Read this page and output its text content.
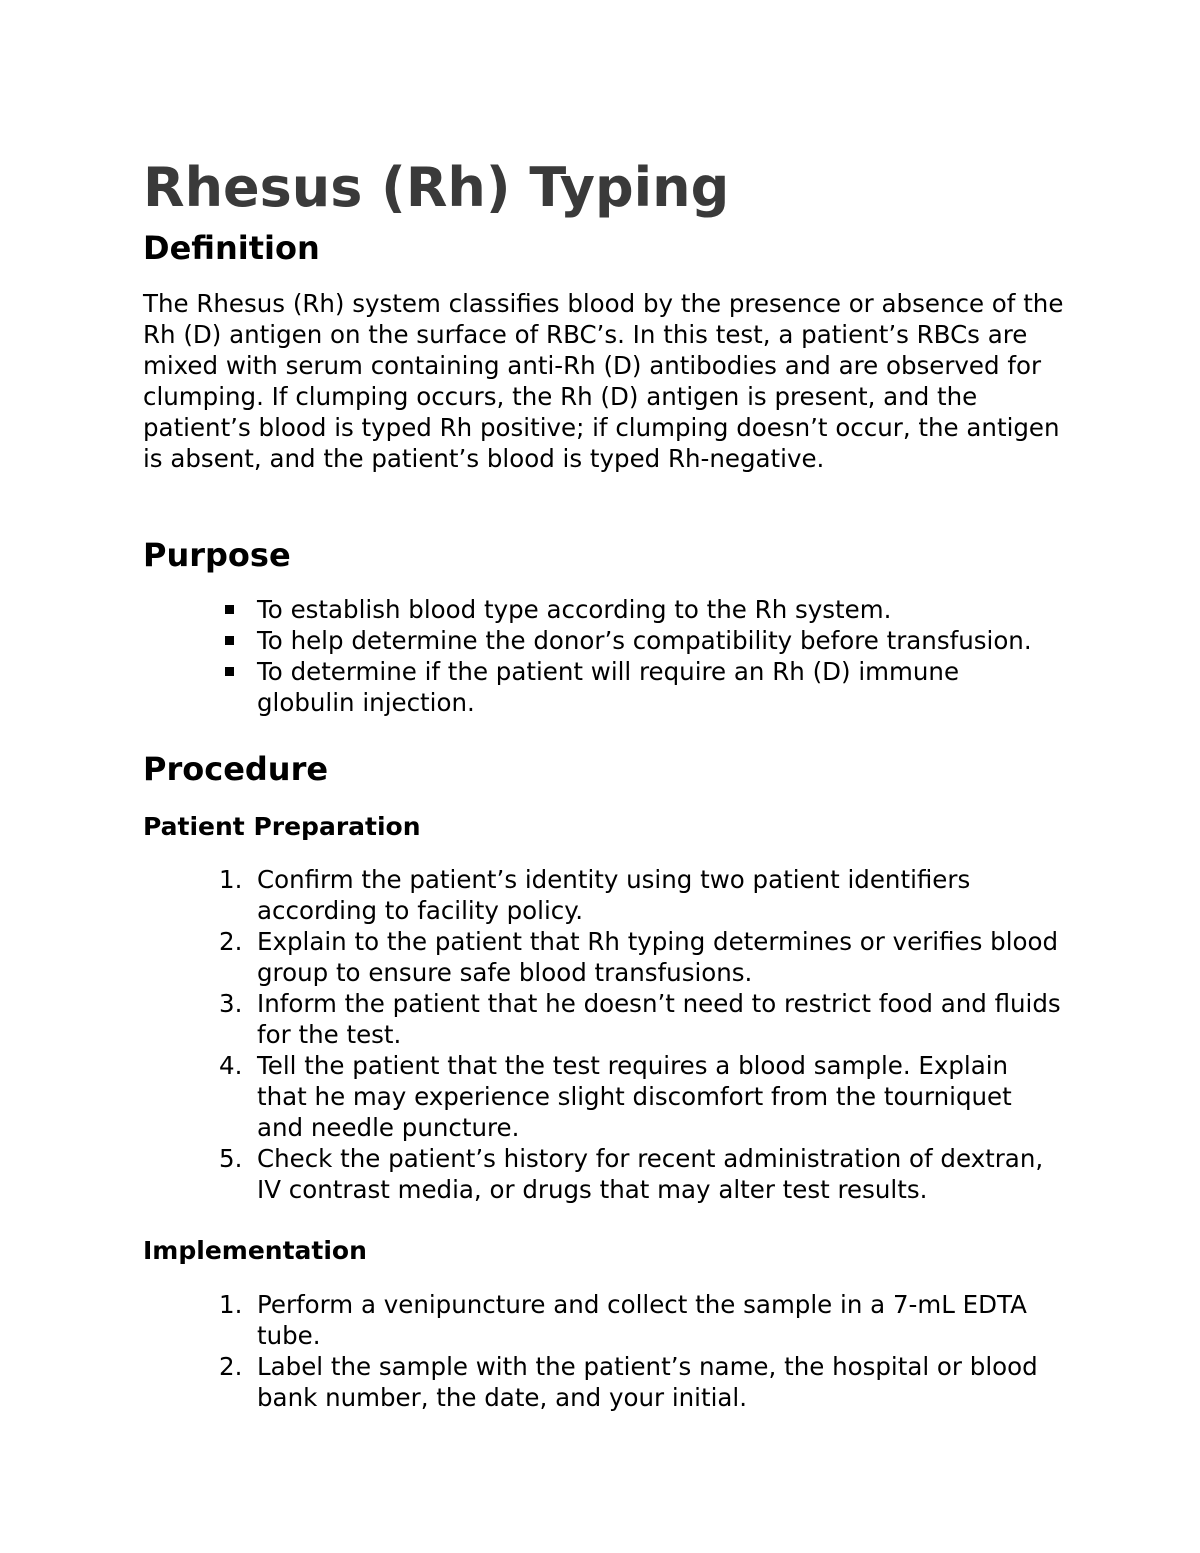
Rhesus (Rh) Typing
Definition

The Rhesus (Rh) system classifies blood by the presence or absence of the Rh (D) antigen on the surface of RBC’s. In this test, a patient’s RBCs are mixed with serum containing anti-Rh (D) antibodies and are observed for clumping. If clumping occurs, the Rh (D) antigen is present, and the patient’s blood is typed Rh positive; if clumping doesn’t occur, the antigen is absent, and the patient’s blood is typed Rh-negative.

Purpose
To establish blood type according to the Rh system.
To help determine the donor’s compatibility before transfusion.
To determine if the patient will require an Rh (D) immune globulin injection.
Procedure
Patient Preparation
1. Confirm the patient’s identity using two patient identifiers according to facility policy.
2. Explain to the patient that Rh typing determines or verifies blood group to ensure safe blood transfusions.
3. Inform the patient that he doesn’t need to restrict food and fluids for the test.
4. Tell the patient that the test requires a blood sample. Explain that he may experience slight discomfort from the tourniquet and needle puncture.
5. Check the patient’s history for recent administration of dextran, IV contrast media, or drugs that may alter test results.
Implementation
1. Perform a venipuncture and collect the sample in a 7-mL EDTA tube.
2. Label the sample with the patient’s name, the hospital or blood bank number, the date, and your initial.
